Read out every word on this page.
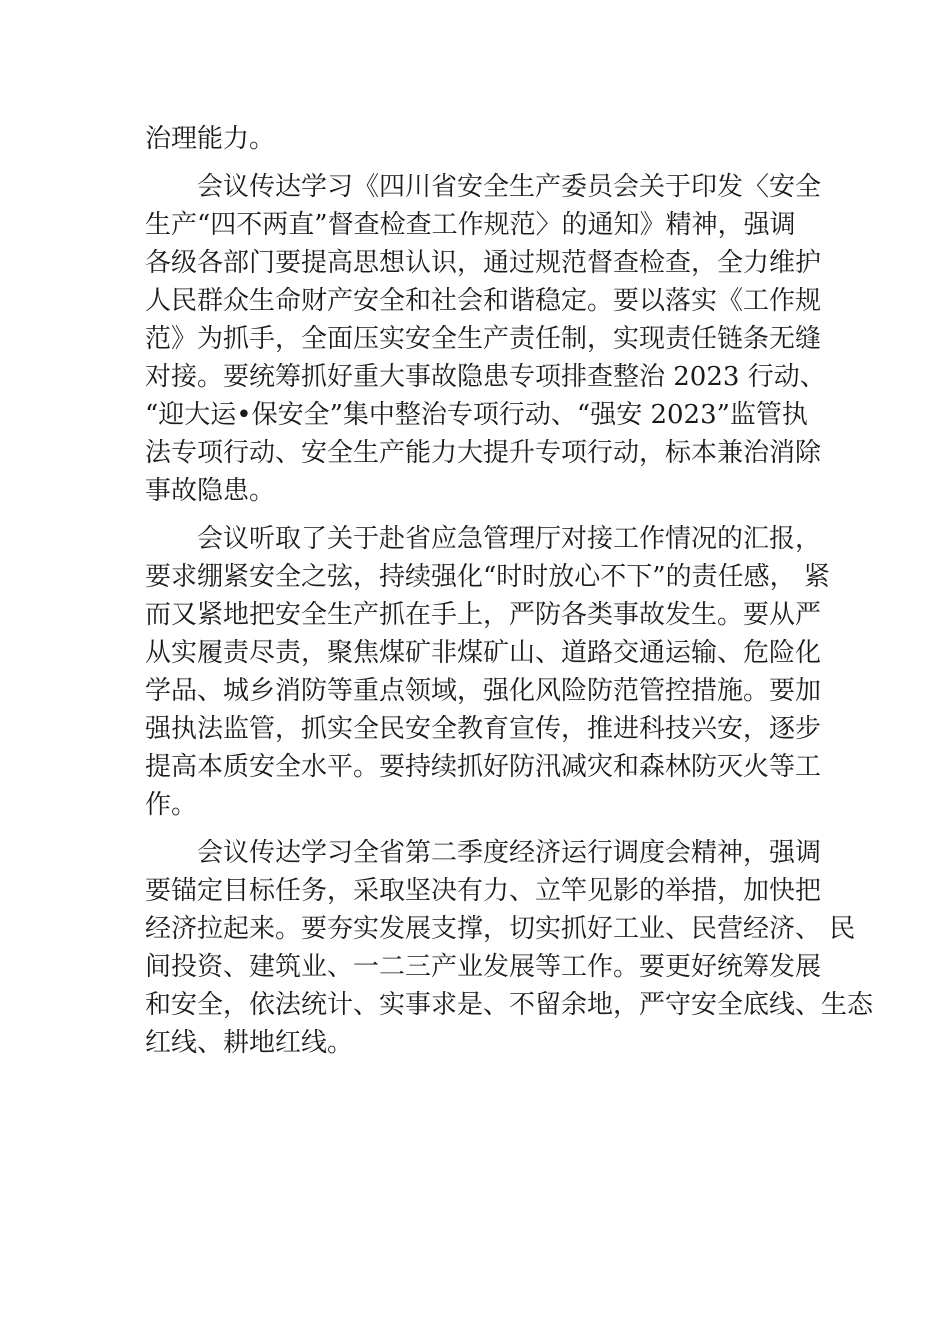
治理能力。
会议传达学习《四川省安全生产委员会关于印发〈安全
生产“四不两直”督查检查工作规范〉的通知》精神，强调
各级各部门要提高思想认识，通过规范督查检查，全力维护
人民群众生命财产安全和社会和谐稳定。要以落实《工作规
范》为抓手，全面压实安全生产责任制，实现责任链条无缝
对接。要统筹抓好重大事故隐患专项排查整治 2023 行动、
“迎大运•保安全”集中整治专项行动、“强安 2023”监管执
法专项行动、安全生产能力大提升专项行动，标本兼治消除
事故隐患。
会议听取了关于赴省应急管理厅对接工作情况的汇报，
要求绷紧安全之弦，持续强化“时时放心不下”的责任感， 紧
而又紧地把安全生产抓在手上，严防各类事故发生。要从严
从实履责尽责，聚焦煤矿非煤矿山、道路交通运输、危险化
学品、城乡消防等重点领域，强化风险防范管控措施。要加
强执法监管，抓实全民安全教育宣传，推进科技兴安，逐步
提高本质安全水平。要持续抓好防汛减灾和森林防灭火等工
作。
会议传达学习全省第二季度经济运行调度会精神，强调
要锚定目标任务，采取坚决有力、立竿见影的举措，加快把
经济拉起来。要夯实发展支撑，切实抓好工业、民营经济、 民
间投资、建筑业、一二三产业发展等工作。要更好统筹发展
和安全，依法统计、实事求是、不留余地，严守安全底线、生态
红线、耕地红线。
